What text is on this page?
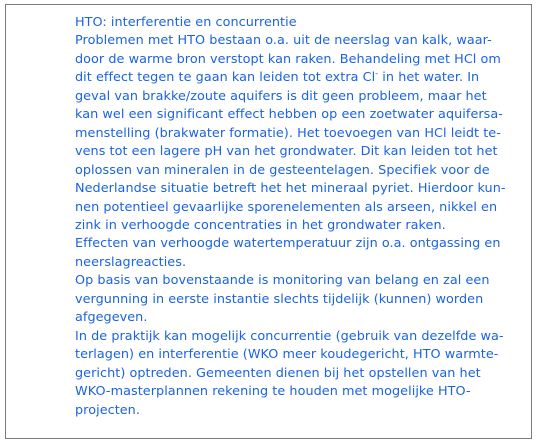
HTO: interferentie en concurrentie
Problemen met HTO bestaan o.a. uit de neerslag van kalk, waar-
door de warme bron verstopt kan raken. Behandeling met HCl om
dit effect tegen te gaan kan leiden tot extra Cl- in het water. In
geval van brakke/zoute aquifers is dit geen probleem, maar het
kan wel een significant effect hebben op een zoetwater aquifersa-
menstelling (brakwater formatie). Het toevoegen van HCl leidt te-
vens tot een lagere pH van het grondwater. Dit kan leiden tot het
oplossen van mineralen in de gesteentelagen. Specifiek voor de
Nederlandse situatie betreft het het mineraal pyriet. Hierdoor kun-
nen potentieel gevaarlijke sporenelementen als arseen, nikkel en
zink in verhoogde concentraties in het grondwater raken.
Effecten van verhoogde watertemperatuur zijn o.a. ontgassing en
neerslagreacties.
Op basis van bovenstaande is monitoring van belang en zal een
vergunning in eerste instantie slechts tijdelijk (kunnen) worden
afgegeven.
In de praktijk kan mogelijk concurrentie (gebruik van dezelfde wa-
terlagen) en interferentie (WKO meer koudegericht, HTO warmte-
gericht) optreden. Gemeenten dienen bij het opstellen van het
WKO-masterplannen rekening te houden met mogelijke HTO-
projecten.
